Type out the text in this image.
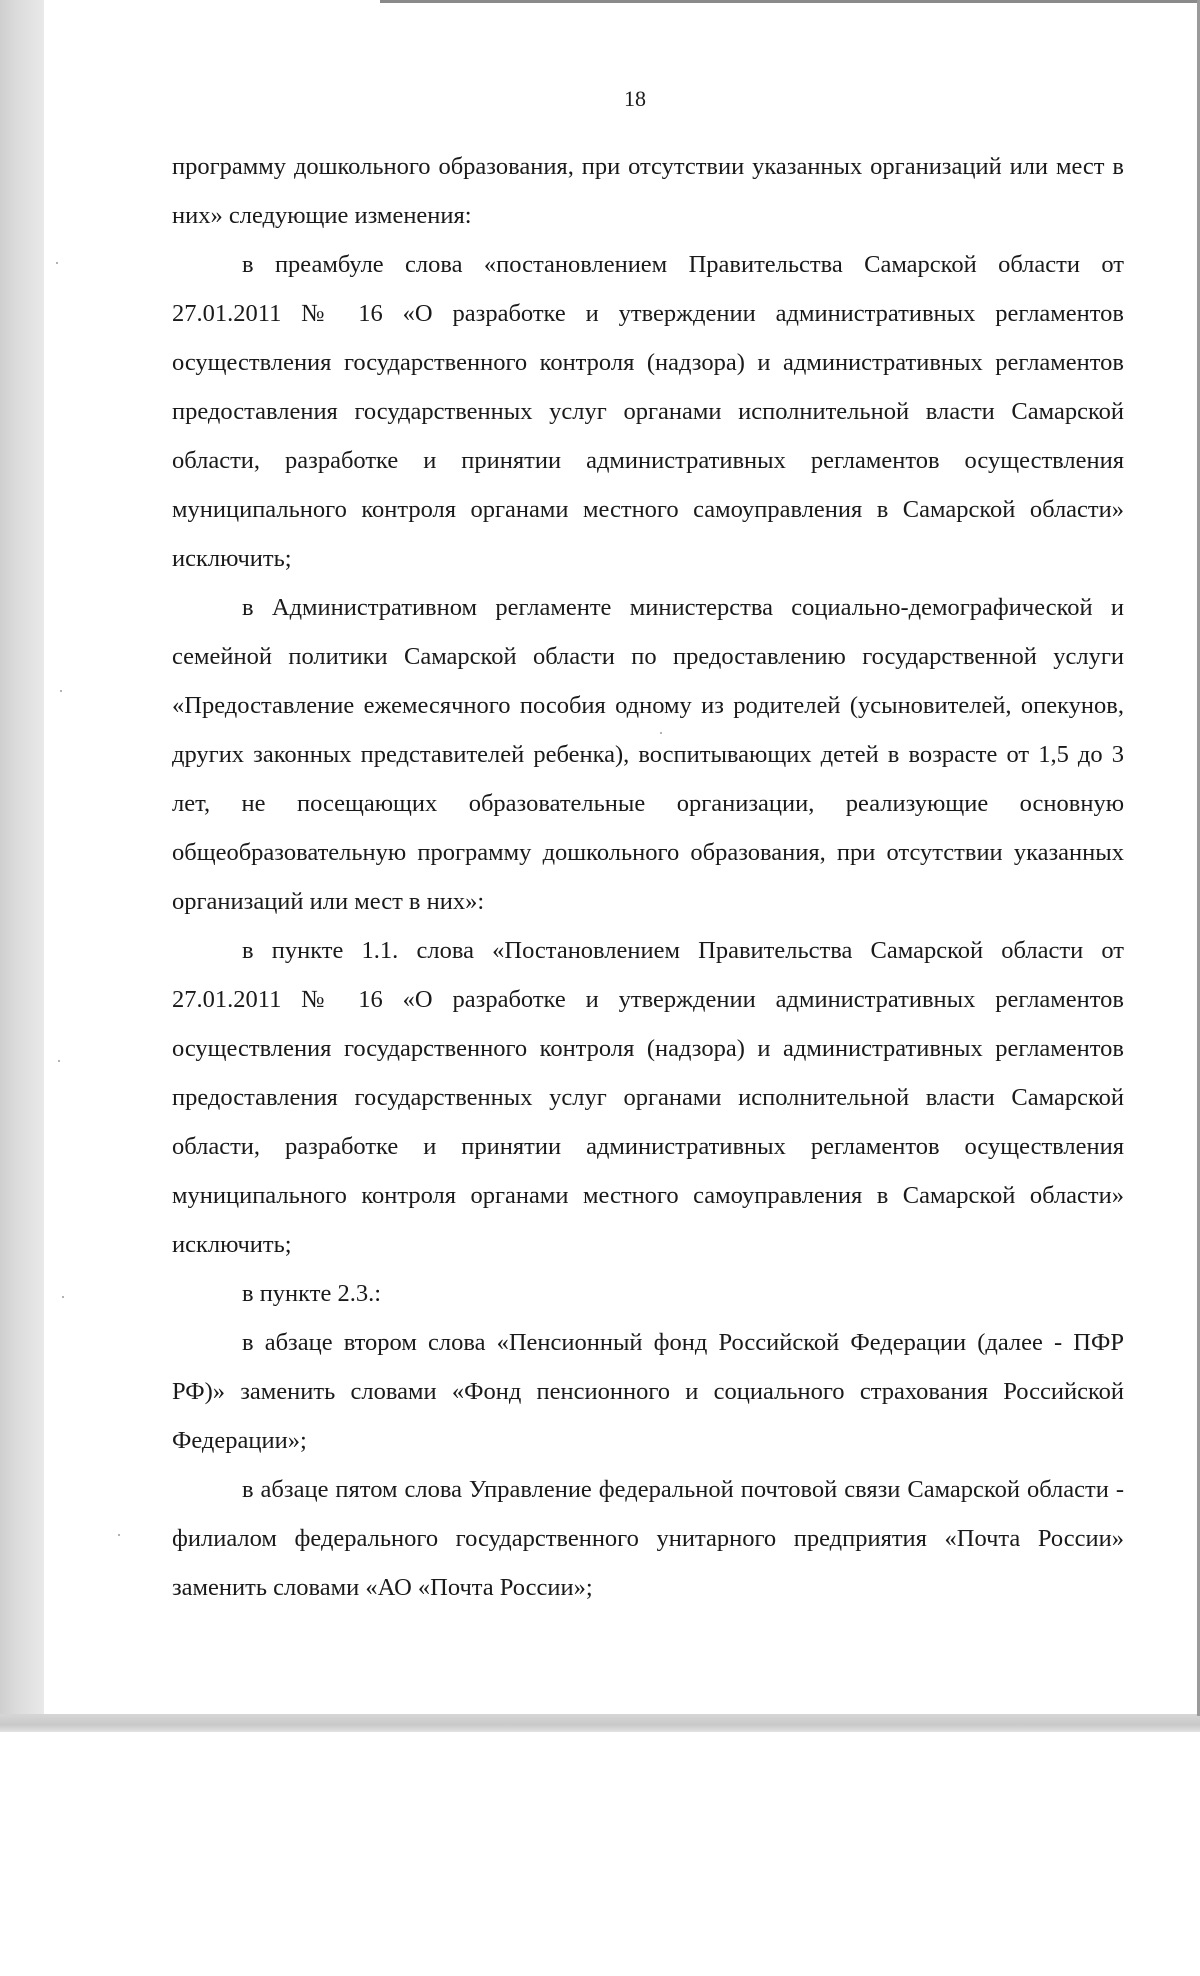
18

программу дошкольного образования, при отсутствии указанных организаций или мест в них» следующие изменения:

в преамбуле слова «постановлением Правительства Самарской области от 27.01.2011 № 16 «О разработке и утверждении административных регламентов осуществления государственного контроля (надзора) и административных регламентов предоставления государственных услуг органами исполнительной власти Самарской области, разработке и принятии административных регламентов осуществления муниципального контроля органами местного самоуправления в Самарской области» исключить;

в Административном регламенте министерства социально-демографической и семейной политики Самарской области по предоставлению государственной услуги «Предоставление ежемесячного пособия одному из родителей (усыновителей, опекунов, других законных представителей ребенка), воспитывающих детей в возрасте от 1,5 до 3 лет, не посещающих образовательные организации, реализующие основную общеобразовательную программу дошкольного образования, при отсутствии указанных организаций или мест в них»:

в пункте 1.1. слова «Постановлением Правительства Самарской области от 27.01.2011 № 16 «О разработке и утверждении административных регламентов осуществления государственного контроля (надзора) и административных регламентов предоставления государственных услуг органами исполнительной власти Самарской области, разработке и принятии административных регламентов осуществления муниципального контроля органами местного самоуправления в Самарской области» исключить;

в пункте 2.3.:

в абзаце втором слова «Пенсионный фонд Российской Федерации (далее - ПФР РФ)» заменить словами «Фонд пенсионного и социального страхования Российской Федерации»;

в абзаце пятом слова Управление федеральной почтовой связи Самарской области - филиалом федерального государственного унитарного предприятия «Почта России» заменить словами «АО «Почта России»;
